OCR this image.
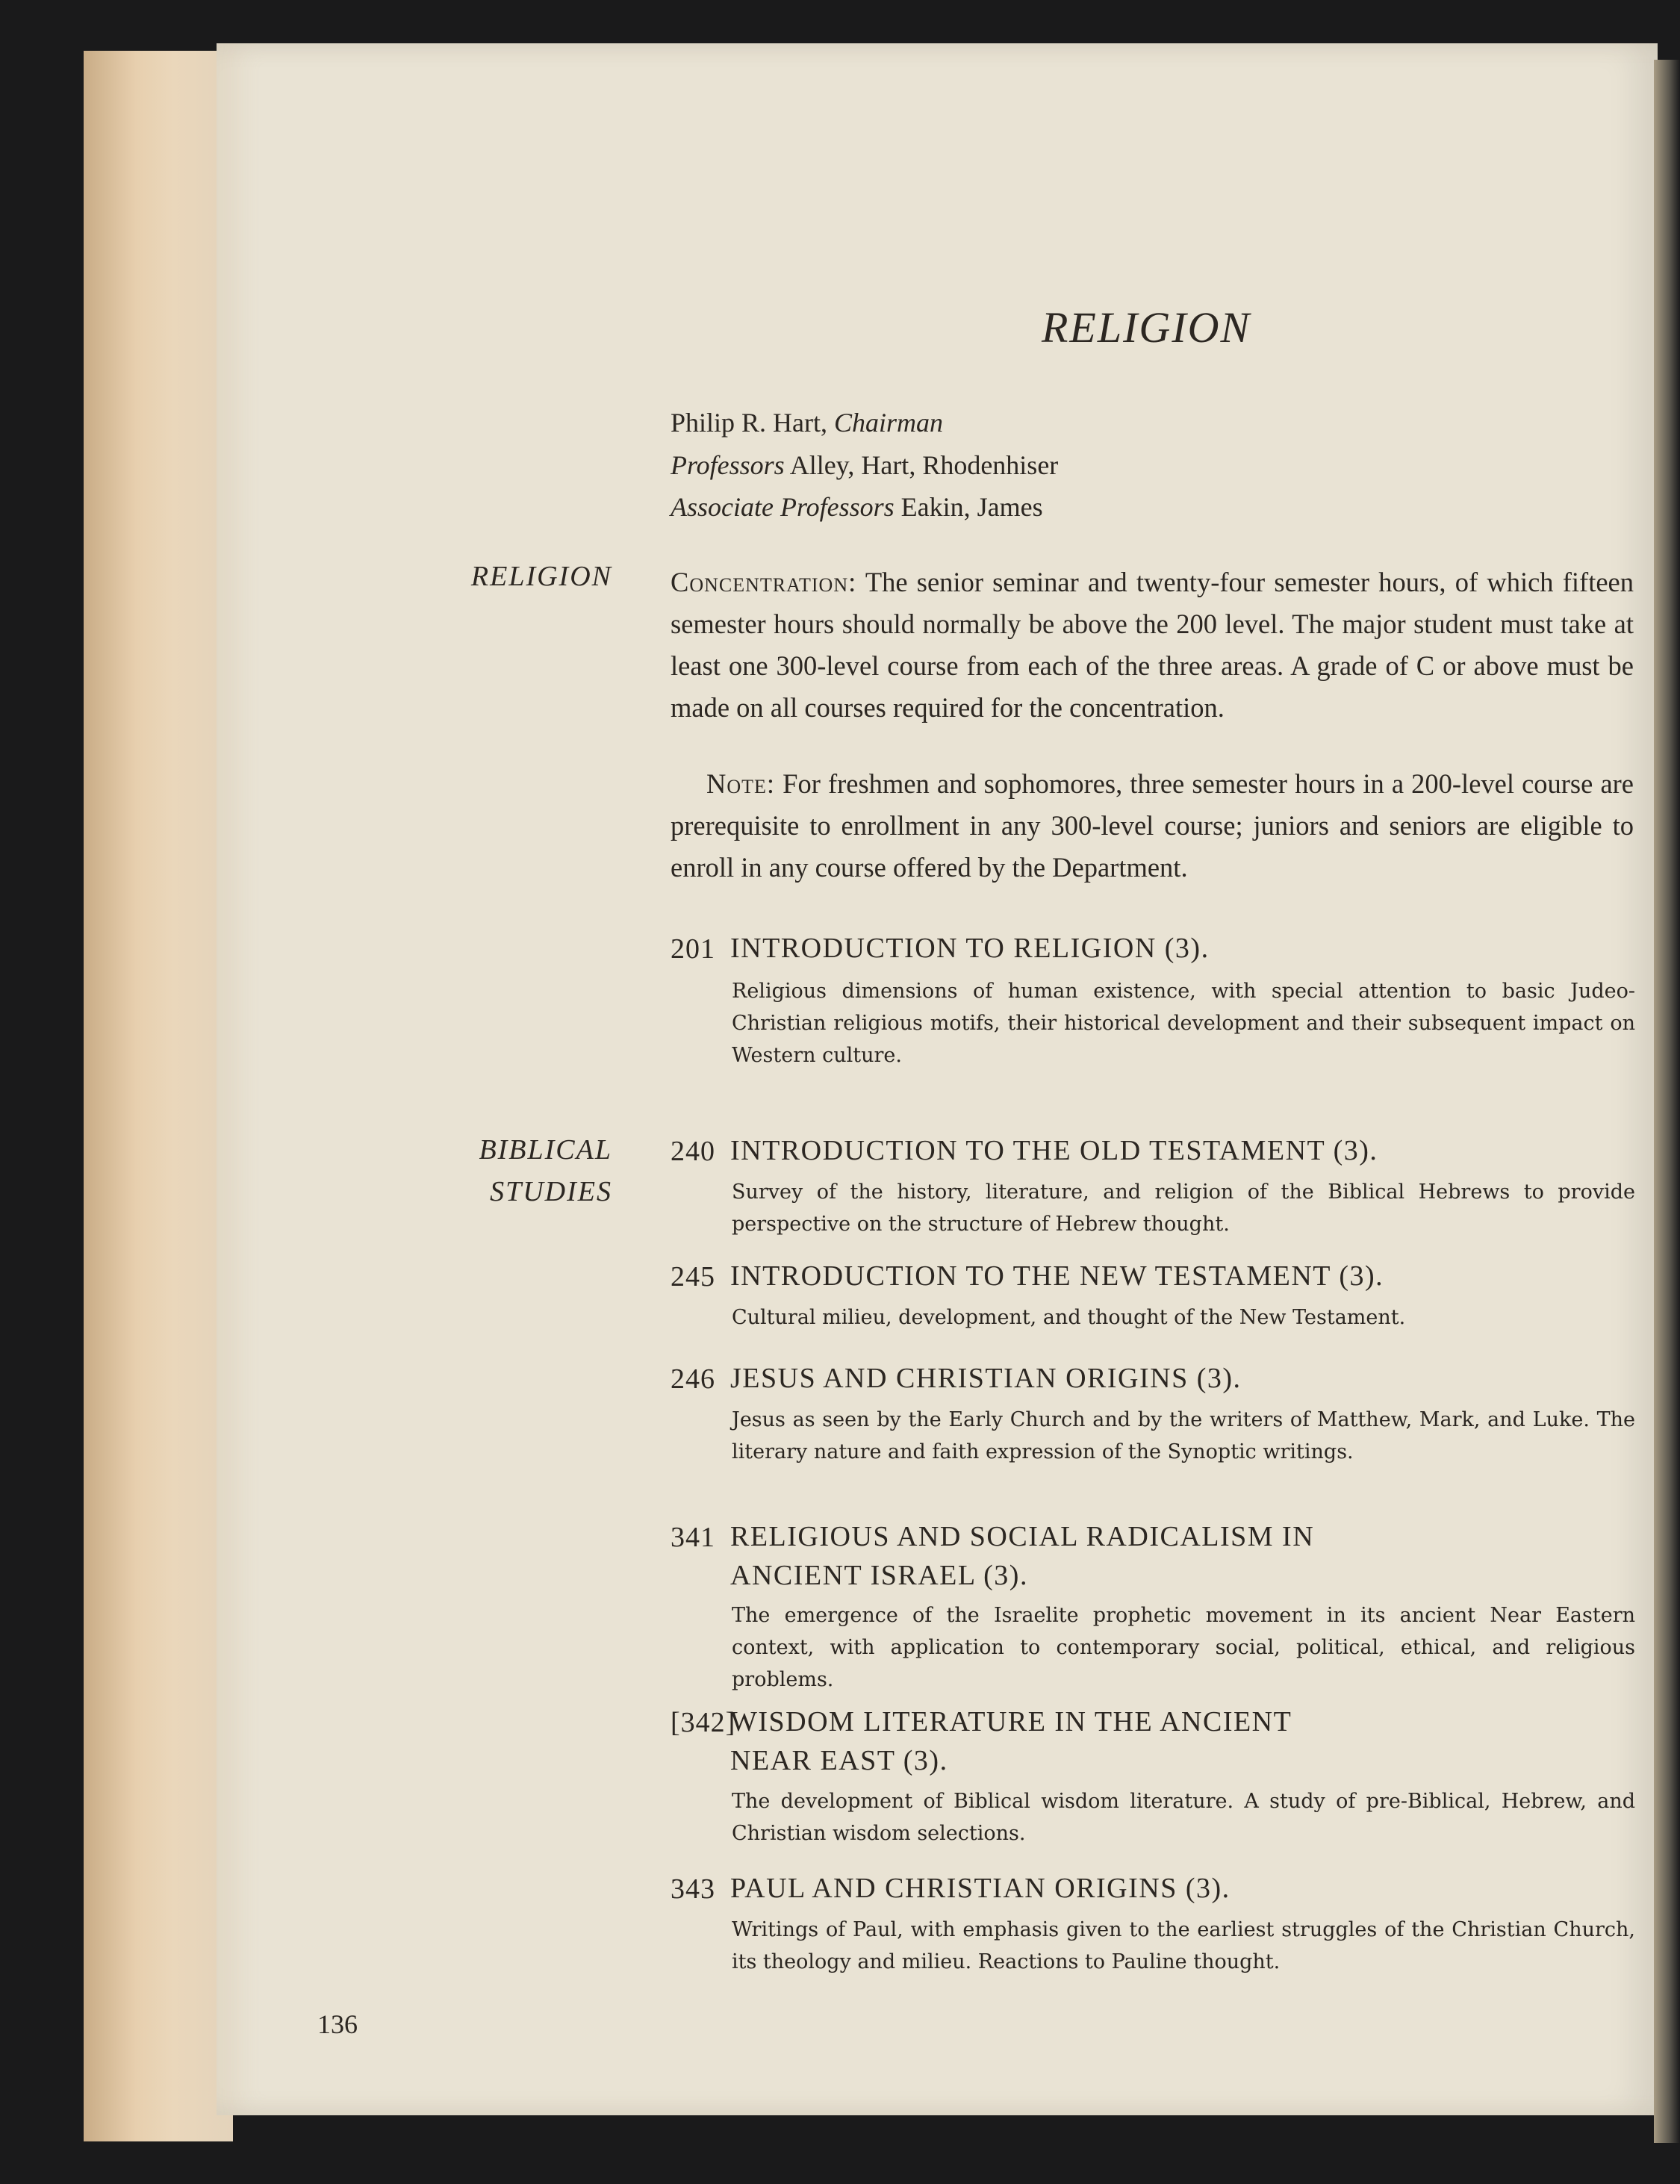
RELIGION
Philip R. Hart, Chairman
Professors Alley, Hart, Rhodenhiser
Associate Professors Eakin, James
RELIGION
BIBLICAL
STUDIES
Concentration: The senior seminar and twenty-four semester hours, of which fifteen semester hours should normally be above the 200 level. The major student must take at least one 300-level course from each of the three areas. A grade of C or above must be made on all courses required for the concentration.
Note: For freshmen and sophomores, three semester hours in a 200-level course are prerequisite to enrollment in any 300-level course; juniors and seniors are eligible to enroll in any course offered by the Department.
201 INTRODUCTION TO RELIGION (3).
Religious dimensions of human existence, with special attention to basic Judeo-Christian religious motifs, their historical development and their subsequent impact on Western culture.
240 INTRODUCTION TO THE OLD TESTAMENT (3).
Survey of the history, literature, and religion of the Biblical Hebrews to provide perspective on the structure of Hebrew thought.
245 INTRODUCTION TO THE NEW TESTAMENT (3).
Cultural milieu, development, and thought of the New Testament.
246 JESUS AND CHRISTIAN ORIGINS (3).
Jesus as seen by the Early Church and by the writers of Matthew, Mark, and Luke. The literary nature and faith expression of the Synoptic writings.
341 RELIGIOUS AND SOCIAL RADICALISM IN
ANCIENT ISRAEL (3).
The emergence of the Israelite prophetic movement in its ancient Near Eastern context, with application to contemporary social, political, ethical, and religious problems.
[342]
WISDOM LITERATURE IN THE ANCIENT
NEAR EAST (3).
The development of Biblical wisdom literature. A study of pre-Biblical, Hebrew, and Christian wisdom selections.
343 PAUL AND CHRISTIAN ORIGINS (3).
Writings of Paul, with emphasis given to the earliest struggles of the Christian Church, its theology and milieu. Reactions to Pauline thought.
136
